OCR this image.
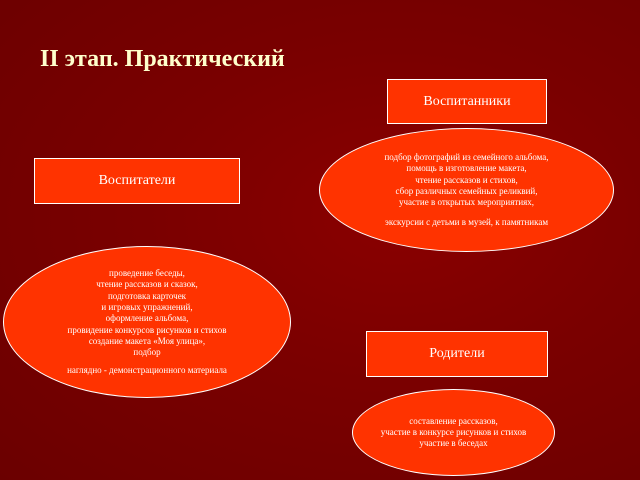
II этап. Практический
Воспитанники
подбор фотографий из семейного альбома,
помощь в изготовление макета,
чтение рассказов и стихов,
сбор различных семейных реликвий,
участие в открытых мероприятиях,
экскурсии с детьми в музей, к памятникам
Воспитатели
проведение беседы,
чтение рассказов и сказок,
подготовка карточек
и игровых упражнений,
оформление альбома,
провидение конкурсов рисунков и стихов
создание макета «Моя улица»,
подбор
наглядно - демонстрационного материала
Родители
составление рассказов,
участие в конкурсе рисунков и стихов
участие в беседах
